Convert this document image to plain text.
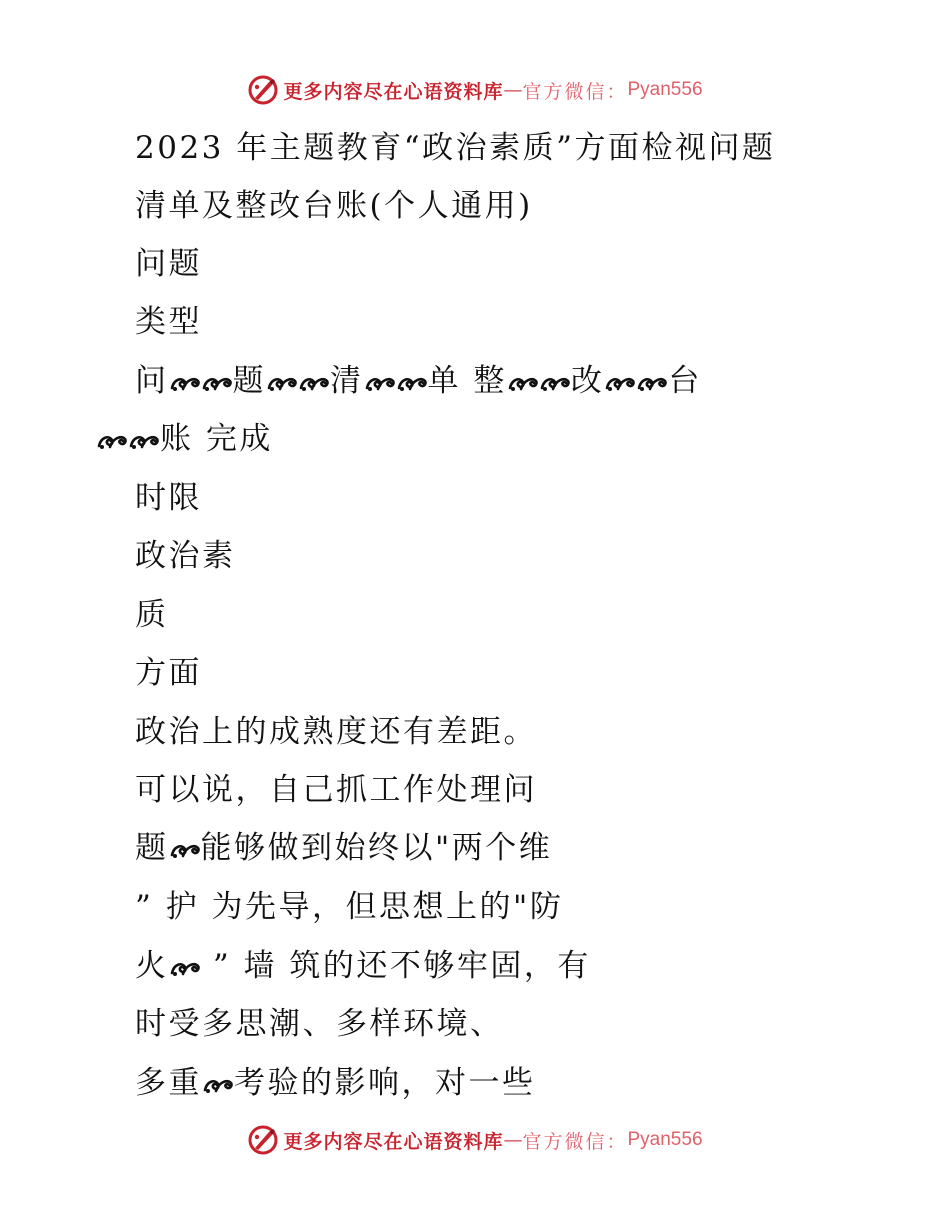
更多内容尽在心语资料库 — 官方微信： Pyan556
2023 年主题教育“政治素质”方面检视问题
清单及整改台账(个人通用)
问题
类型
问 题 清 单 整 改 台
账 完成
时限
政治素
质
方面
政治上的成熟度还有差距。
可以说，自己抓工作处理问
题 能够做到始终以"两个维
” 护 为先导，但思想上的"防
火 ” 墙 筑的还不够牢固，有
时受多思潮、多样环境、
多重 考验的影响，对一些
更多内容尽在心语资料库 — 官方微信： Pyan556
